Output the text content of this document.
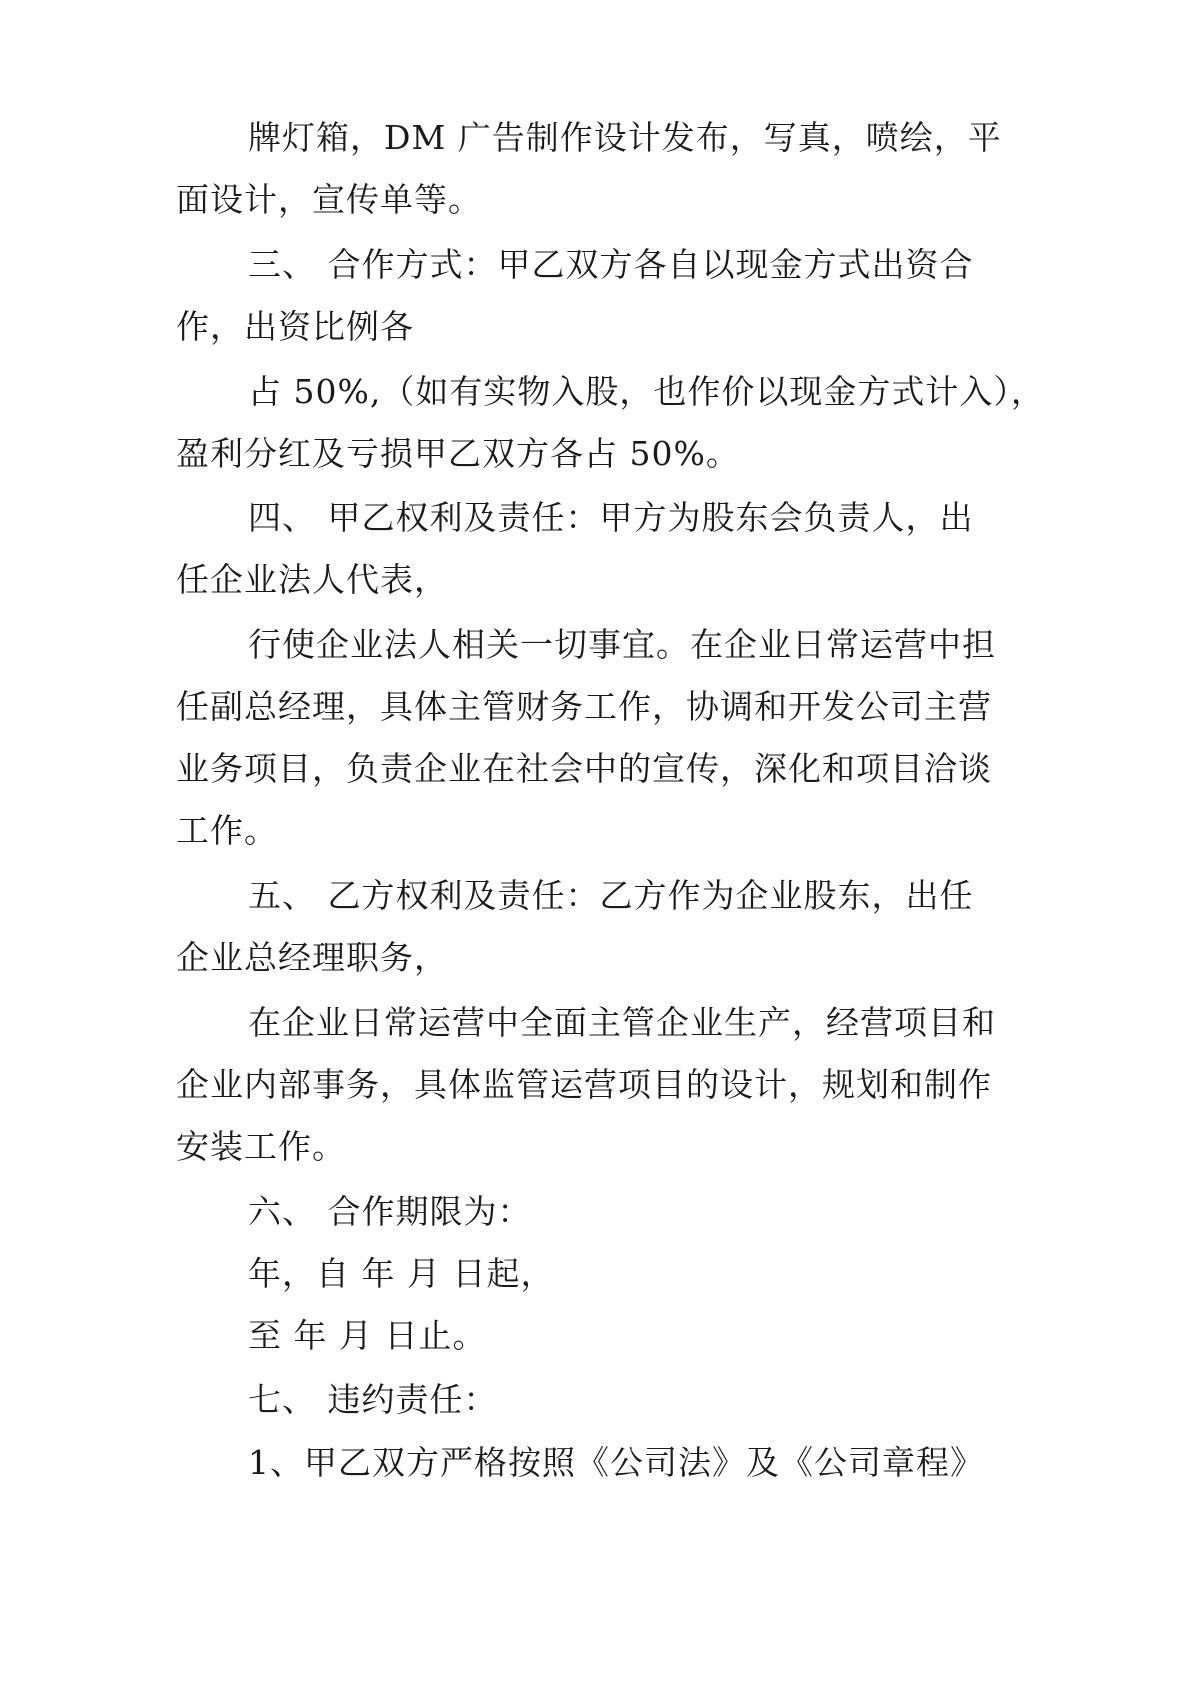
牌灯箱，DM 广告制作设计发布，写真，喷绘，平
面设计，宣传单等。
三、 合作方式：甲乙双方各自以现金方式出资合
作，出资比例各
占 50%,（如有实物入股，也作价以现金方式计入），
盈利分红及亏损甲乙双方各占 50%。
四、 甲乙权利及责任：甲方为股东会负责人，出
任企业法人代表，
行使企业法人相关一切事宜。在企业日常运营中担
任副总经理，具体主管财务工作，协调和开发公司主营
业务项目，负责企业在社会中的宣传，深化和项目洽谈
工作。
五、 乙方权利及责任：乙方作为企业股东，出任
企业总经理职务，
在企业日常运营中全面主管企业生产，经营项目和
企业内部事务，具体监管运营项目的设计，规划和制作
安装工作。
六、 合作期限为：
年，自 年 月 日起，
至 年 月 日止。
七、 违约责任：
1、甲乙双方严格按照《公司法》及《公司章程》
